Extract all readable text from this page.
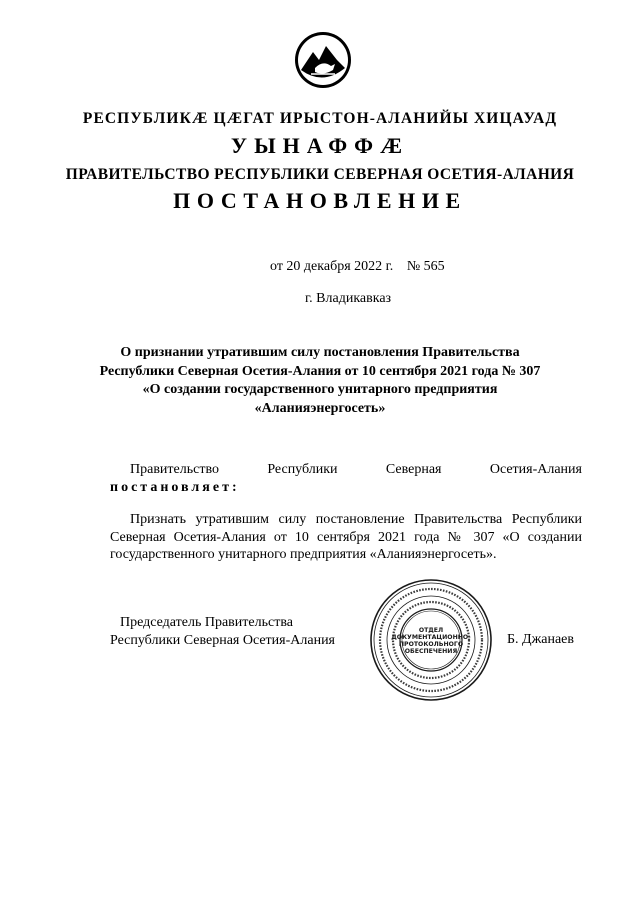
РЕСПУБЛИКӔ ЦӔГАТ ИРЫСТОН-АЛАНИЙЫ ХИЦАУАД
УЫНАФФӔ
ПРАВИТЕЛЬСТВО РЕСПУБЛИКИ СЕВЕРНАЯ ОСЕТИЯ-АЛАНИЯ
ПОСТАНОВЛЕНИЕ
от 20 декабря 2022 г. № 565
г. Владикавказ
О признании утратившим силу постановления Правительства
Республики Северная Осетия-Алания от 10 сентября 2021 года № 307
«О создании государственного унитарного предприятия
«Аланияэнергосеть»
Правительство	Республики	Северная	Осетия-Алания
постановляет:
Признать утратившим силу постановление Правительства Республики Северная Осетия-Алания от 10 сентября 2021 года № 307 «О создании государственного унитарного предприятия «Аланияэнергосеть».
Председатель Правительства
Республики Северная Осетия-Алания
ОТДЕЛ
ДОКУМЕНТАЦИОННО-
ПРОТОКОЛЬНОГО
ОБЕСПЕЧЕНИЯ
Б. Джанаев
